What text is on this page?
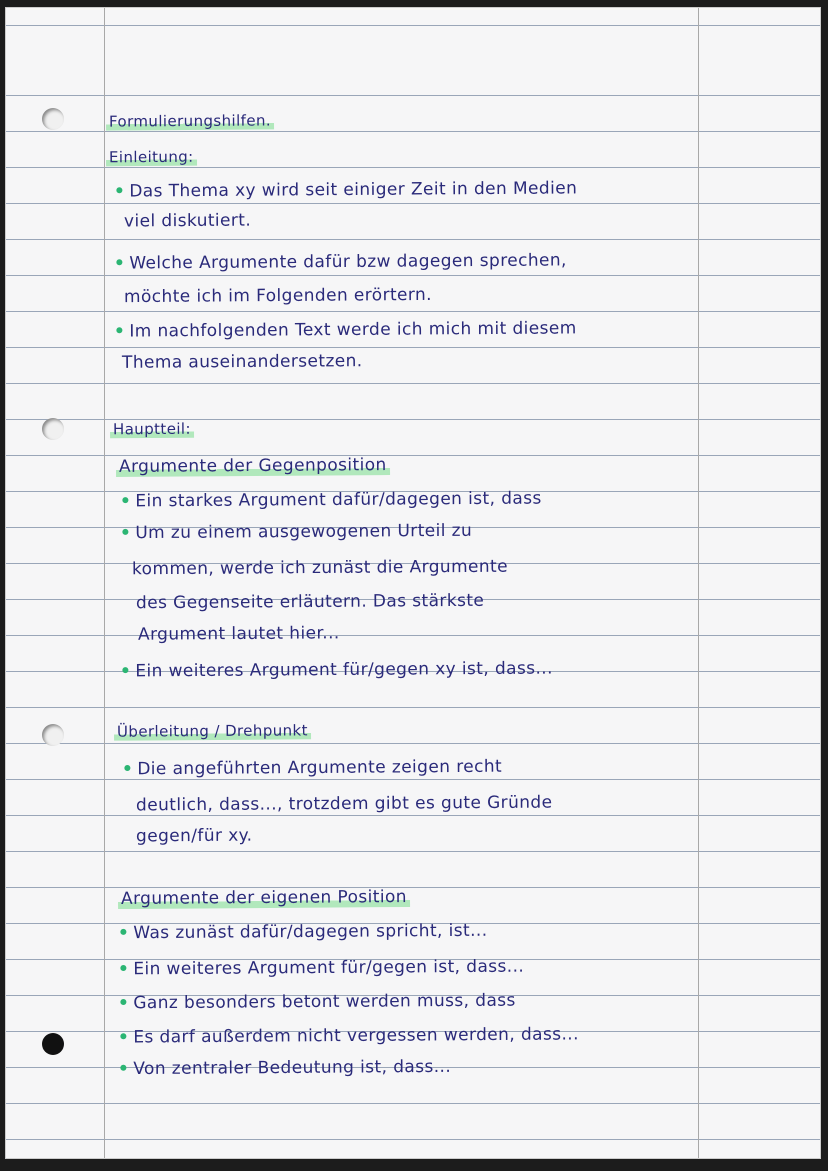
Formulierungshilfen.
Einleitung:
• Das Thema xy wird seit einiger Zeit in den Medien
viel diskutiert.
• Welche Argumente dafür bzw dagegen sprechen,
möchte ich im Folgenden erörtern.
• Im nachfolgenden Text werde ich mich mit diesem
Thema auseinandersetzen.
Hauptteil:
Argumente der Gegenposition
• Ein starkes Argument dafür/dagegen ist, dass
• Um zu einem ausgewogenen Urteil zu
kommen, werde ich zunäst die Argumente
des Gegenseite erläutern. Das stärkste
Argument lautet hier...
• Ein weiteres Argument für/gegen xy ist, dass...
Überleitung / Drehpunkt
• Die angeführten Argumente zeigen recht
deutlich, dass..., trotzdem gibt es gute Gründe
gegen/für xy.
Argumente der eigenen Position
• Was zunäst dafür/dagegen spricht, ist...
• Ein weiteres Argument für/gegen ist, dass...
• Ganz besonders betont werden muss, dass
• Es darf außerdem nicht vergessen werden, dass...
• Von zentraler Bedeutung ist, dass...
